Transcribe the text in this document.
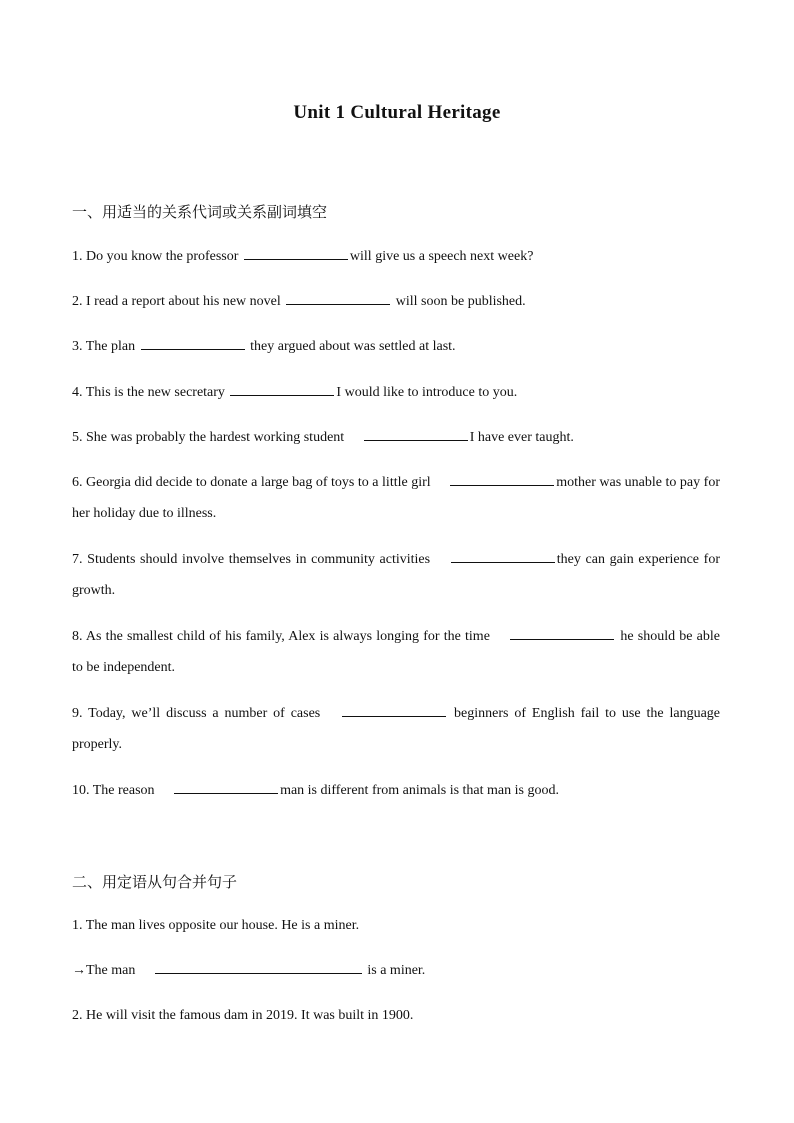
Unit 1 Cultural Heritage
一、用适当的关系代词或关系副词填空
1. Do you know the professor	will give us a speech next week?
2. I read a report about his new novel	will soon be published.
3. The plan	they argued about was settled at last.
4. This is the new secretary	I would like to introduce to you.
5. She was probably the hardest working student	I have ever taught.
6. Georgia did decide to donate a large bag of toys to a little girl	mother was unable to pay for her holiday due to illness.
7. Students should involve themselves in community activities	they can gain experience for growth.
8. As the smallest child of his family, Alex is always longing for the time	he should be able to be independent.
9. Today, we’ll discuss a number of cases	beginners of English fail to use the language properly.
10. The reason	man is different from animals is that man is good.
二、用定语从句合并句子
1. The man lives opposite our house. He is a miner.
→The man	is a miner.
2. He will visit the famous dam in 2019. It was built in 1900.
